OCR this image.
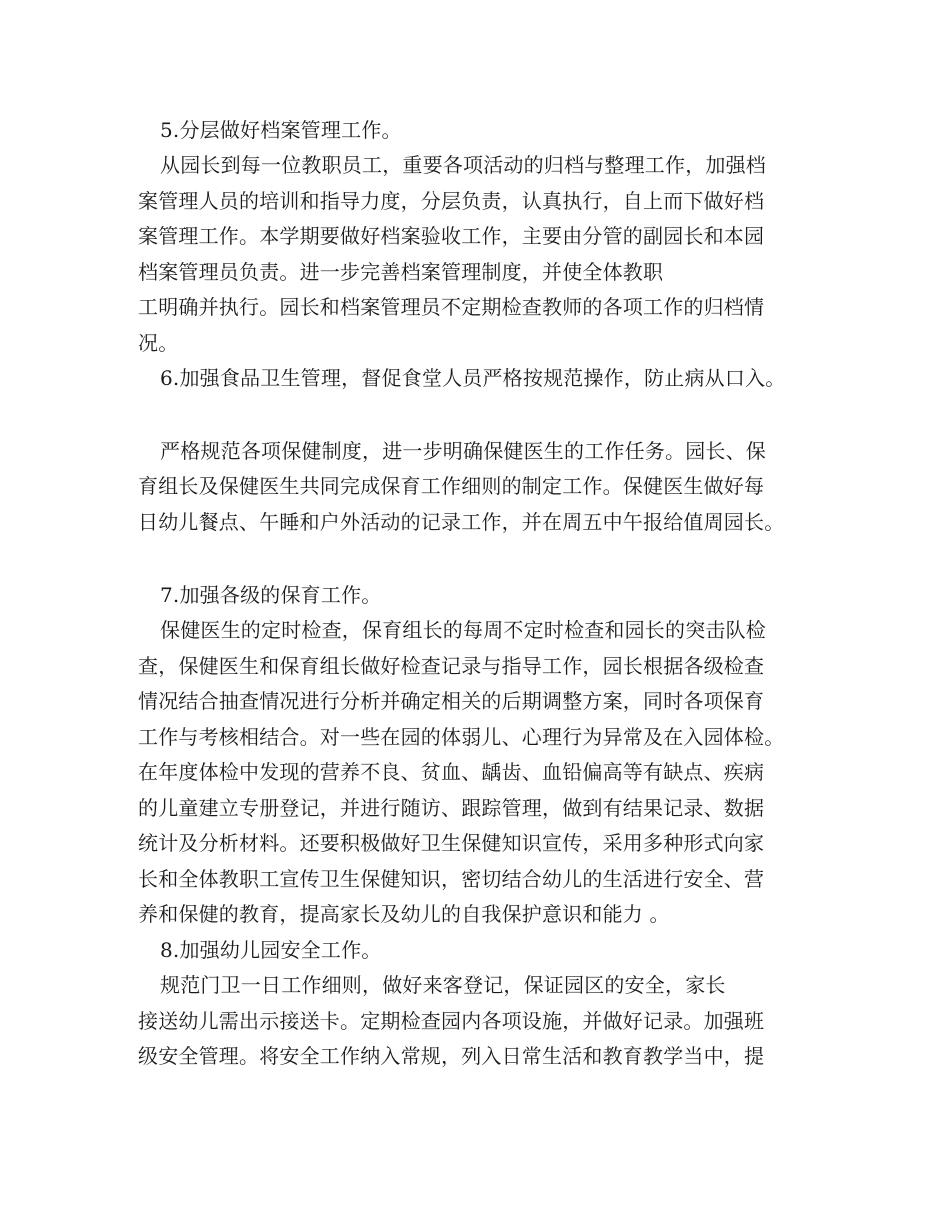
5.分层做好档案管理工作。
从园长到每一位教职员工，重要各项活动的归档与整理工作，加强档
案管理人员的培训和指导力度，分层负责，认真执行，自上而下做好档
案管理工作。本学期要做好档案验收工作，主要由分管的副园长和本园
档案管理员负责。进一步完善档案管理制度，并使全体教职
工明确并执行。园长和档案管理员不定期检查教师的各项工作的归档情
况。
6.加强食品卫生管理，督促食堂人员严格按规范操作，防止病从口入。
严格规范各项保健制度，进一步明确保健医生的工作任务。园长、保
育组长及保健医生共同完成保育工作细则的制定工作。保健医生做好每
日幼儿餐点、午睡和户外活动的记录工作，并在周五中午报给值周园长。
7.加强各级的保育工作。
保健医生的定时检查，保育组长的每周不定时检查和园长的突击队检
查，保健医生和保育组长做好检查记录与指导工作，园长根据各级检查
情况结合抽查情况进行分析并确定相关的后期调整方案，同时各项保育
工作与考核相结合。对一些在园的体弱儿、心理行为异常及在入园体检。
在年度体检中发现的营养不良、贫血、龋齿、血铅偏高等有缺点、疾病
的儿童建立专册登记，并进行随访、跟踪管理，做到有结果记录、数据
统计及分析材料。还要积极做好卫生保健知识宣传，采用多种形式向家
长和全体教职工宣传卫生保健知识，密切结合幼儿的生活进行安全、营
养和保健的教育，提高家长及幼儿的自我保护意识和能力 。
8.加强幼儿园安全工作。
规范门卫一日工作细则，做好来客登记，保证园区的安全，家长
接送幼儿需出示接送卡。定期检查园内各项设施，并做好记录。加强班
级安全管理。将安全工作纳入常规，列入日常生活和教育教学当中，提
